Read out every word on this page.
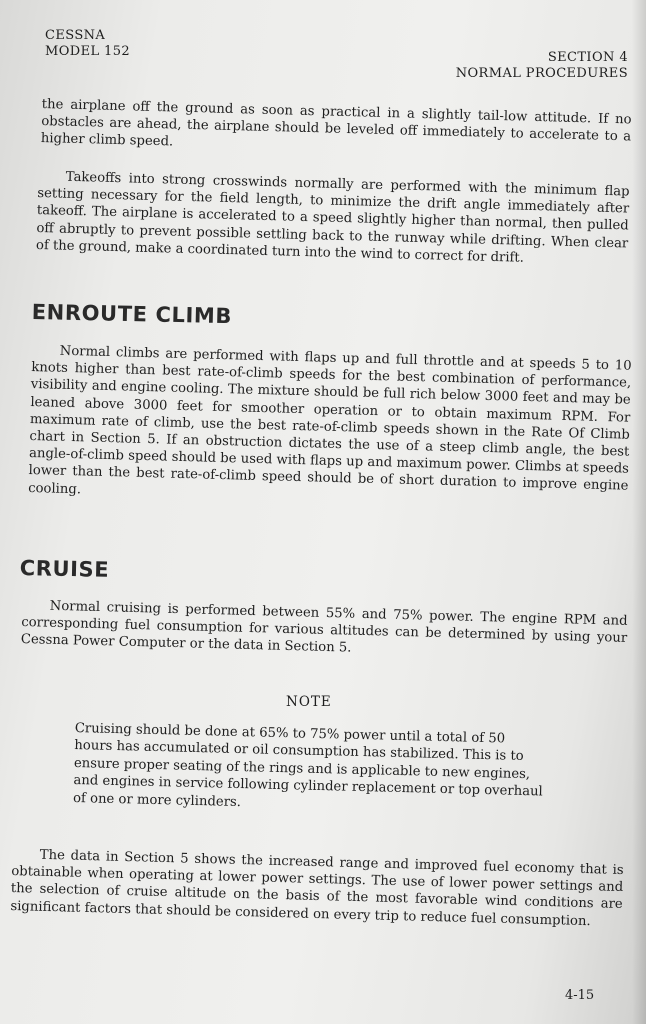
CESSNA
MODEL 152	SECTION 4
NORMAL PROCEDURES
the airplane off the ground as soon as practical in a slightly tail-low attitude. If no obstacles are ahead, the airplane should be leveled off immediately to accelerate to a higher climb speed.
Takeoffs into strong crosswinds normally are performed with the minimum flap setting necessary for the field length, to minimize the drift angle immediately after takeoff. The airplane is accelerated to a speed slightly higher than normal, then pulled off abruptly to prevent possible settling back to the runway while drifting. When clear of the ground, make a coordinated turn into the wind to correct for drift.
ENROUTE CLIMB
Normal climbs are performed with flaps up and full throttle and at speeds 5 to 10 knots higher than best rate-of-climb speeds for the best combination of performance, visibility and engine cooling. The mixture should be full rich below 3000 feet and may be leaned above 3000 feet for smoother operation or to obtain maximum RPM. For maximum rate of climb, use the best rate-of-climb speeds shown in the Rate Of Climb chart in Section 5. If an obstruction dictates the use of a steep climb angle, the best angle-of-climb speed should be used with flaps up and maximum power. Climbs at speeds lower than the best rate-of-climb speed should be of short duration to improve engine cooling.
CRUISE
Normal cruising is performed between 55% and 75% power. The engine RPM and corresponding fuel consumption for various altitudes can be determined by using your Cessna Power Computer or the data in Section 5.
NOTE
Cruising should be done at 65% to 75% power until a total of 50 hours has accumulated or oil consumption has stabilized. This is to ensure proper seating of the rings and is applicable to new engines, and engines in service following cylinder replacement or top overhaul of one or more cylinders.
The data in Section 5 shows the increased range and improved fuel economy that is obtainable when operating at lower power settings. The use of lower power settings and the selection of cruise altitude on the basis of the most favorable wind conditions are significant factors that should be considered on every trip to reduce fuel consumption.
4-15
